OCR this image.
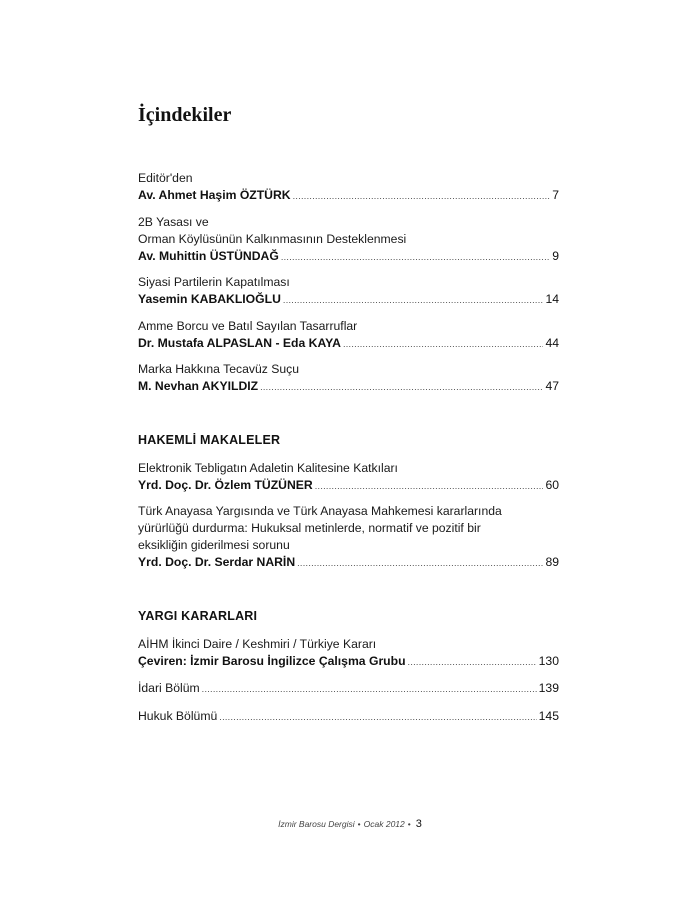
İçindekiler
Editör'den
Av. Ahmet Haşim ÖZTÜRK .....	7
2B Yasası ve
Orman Köylüsünün Kalkınmasının Desteklenmesi
Av. Muhittin ÜSTÜNDAĞ .....	9
Siyasi Partilerin Kapatılması
Yasemin KABAKLIOĞLU .....	14
Amme Borcu ve Batıl Sayılan Tasarruflar
Dr. Mustafa ALPASLAN - Eda KAYA .....	44
Marka Hakkına Tecavüz Suçu
M. Nevhan AKYILDIZ .....	47
HAKEMLİ MAKALELER
Elektronik Tebligatın Adaletin Kalitesine Katkıları
Yrd. Doç. Dr. Özlem TÜZÜNER .....	60
Türk Anayasa Yargısında ve Türk Anayasa Mahkemesi kararlarında
yürürlüğü durdurma: Hukuksal metinlerde, normatif ve pozitif bir
eksikliğin giderilmesi sorunu
Yrd. Doç. Dr. Serdar NARİN .....	89
YARGI KARARLARI
AİHM İkinci Daire / Keshmiri / Türkiye Kararı
Çeviren: İzmir Barosu İngilizce Çalışma Grubu .....	130
İdari Bölüm .....	139
Hukuk Bölümü .....	145
İzmir Barosu Dergisi • Ocak 2012 • 3
